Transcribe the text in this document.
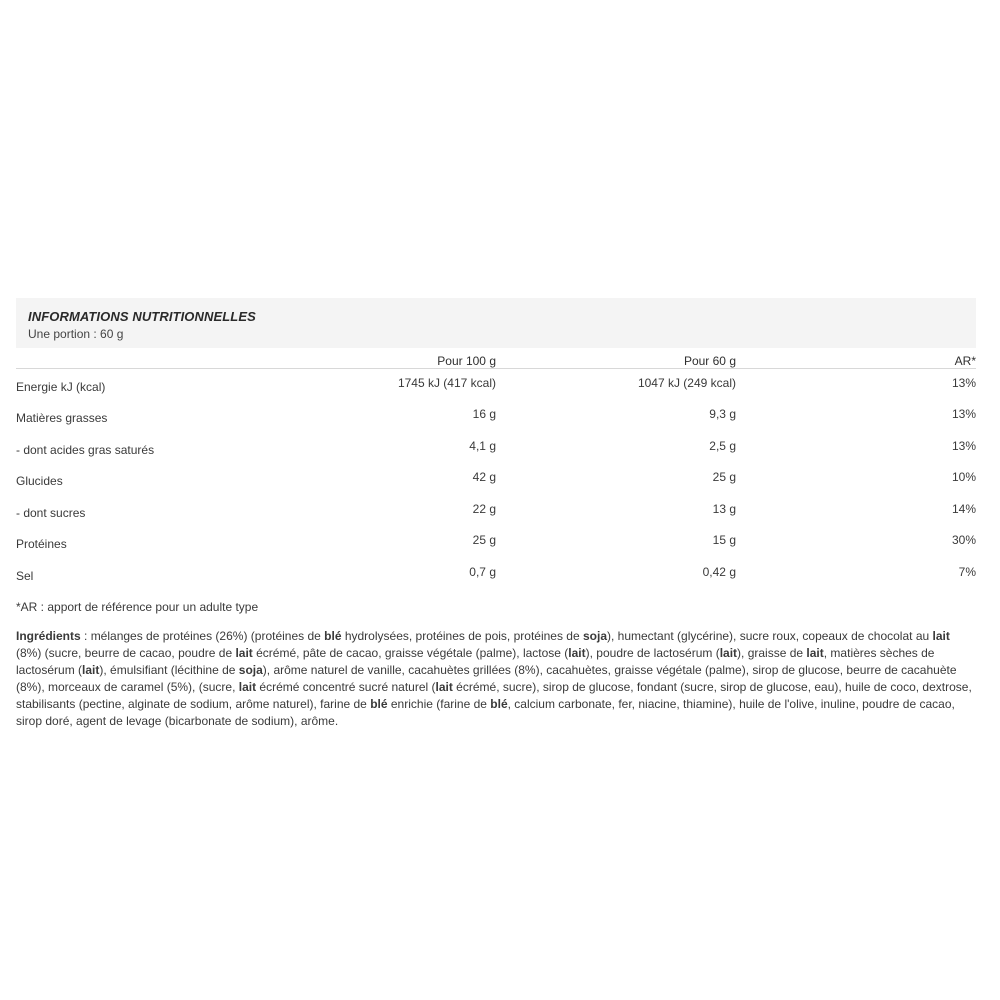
INFORMATIONS NUTRITIONNELLES
Une portion : 60 g
	Pour 100 g	Pour 60 g	AR*
Energie kJ (kcal)	1745 kJ (417 kcal)	1047 kJ (249 kcal)	13%
Matières grasses	16 g	9,3 g	13%
- dont acides gras saturés	4,1 g	2,5 g	13%
Glucides	42 g	25 g	10%
- dont sucres	22 g	13 g	14%
Protéines	25 g	15 g	30%
Sel	0,7 g	0,42 g	7%
*AR : apport de référence pour un adulte type
Ingrédients : mélanges de protéines (26%) (protéines de blé hydrolysées, protéines de pois, protéines de soja), humectant (glycérine), sucre roux, copeaux de chocolat au lait (8%) (sucre, beurre de cacao, poudre de lait écrémé, pâte de cacao, graisse végétale (palme), lactose (lait), poudre de lactosérum (lait), graisse de lait, matières sèches de lactosérum (lait), émulsifiant (lécithine de soja), arôme naturel de vanille, cacahuètes grillées (8%), cacahuètes, graisse végétale (palme), sirop de glucose, beurre de cacahuète (8%), morceaux de caramel (5%), (sucre, lait écrémé concentré sucré naturel (lait écrémé, sucre), sirop de glucose, fondant (sucre, sirop de glucose, eau), huile de coco, dextrose, stabilisants (pectine, alginate de sodium, arôme naturel), farine de blé enrichie (farine de blé, calcium carbonate, fer, niacine, thiamine), huile de l'olive, inuline, poudre de cacao, sirop doré, agent de levage (bicarbonate de sodium), arôme.
